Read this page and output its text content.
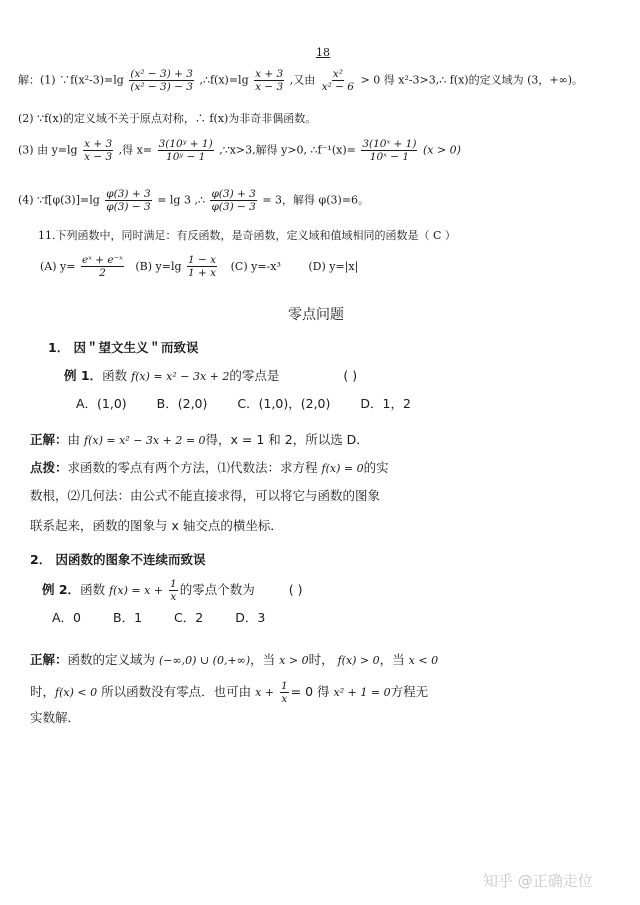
18
解：(1) ∵f(x²-3)=lg $\frac{\text{(x² − 3) + 3}}{\text{(x² − 3) − 3}}$ ,∴f(x)=lg $\frac{x + 3}{x - 3}$ ,又由 $\frac{\text{x²}}{\text{x² − 6}} > 0$ 得 x²-3>3,∴ f(x)的定义域为 (3，+∞)。
(2) ∵f(x)的定义域不关于原点对称，∴ f(x)为非奇非偶函数。
(3) 由 $y=\lg \frac{x + 3}{x - 3}$ ,得 $x= \frac{\text{3(10ʸ + 1)}}{\text{10ʸ − 1}}$ ,∵x>3,解得 y>0, ∴f⁻¹(x)= $\frac{\text{3(10ˣ + 1)}}{\text{10ˣ − 1}} (x > 0)$
(4) ∵f[φ(3)]=lg $\frac{\varphi(3) + 3}{\varphi(3) - 3} = \lg 3$ ,∴ $\frac{\varphi(3) + 3}{\varphi(3) - 3} = 3$，解得 φ(3)=6。
11.下列函数中，同时满足：有反函数，是奇函数，定义域和值域相同的函数是（ C ）
(A) $y= \frac{\text{eˣ + e⁻ˣ}}{2} (B)$ $y=\lg \frac{1 - x}{1 + x} (C)$ y=-x³	(D) y=|x|
零点问题
1． 因＂望文生义＂而致误
例 1．函数 f(x) = x² − 3x + 2的零点是	( )
A．(1,0) B．(2,0) C．(1,0)，(2,0) D．1，2
正解：由 f(x) = x² − 3x + 2 = 0得，x = 1 和 2，所以选 D．
点拨：求函数的零点有两个方法，⑴代数法：求方程 f(x) = 0的实
数根，⑵几何法：由公式不能直接求得，可以将它与函数的图象
联系起来，函数的图象与 x 轴交点的横坐标．
2． 因函数的图象不连续而致误
例 2．函数 $f(x) = x + \frac{1}{x}$ 的零点个数为	( )
A．0	B．1	C．2	D．3
正解：函数的定义域为 (−∞,0) ∪ (0,+∞)，当 x > 0时， f(x) > 0，当 x < 0
时，f(x) < 0 所以函数没有零点．也可由 $x + \frac{1}{x} = 0$ 得 x² + 1 = 0方程无
实数解．
知乎 @正确走位
